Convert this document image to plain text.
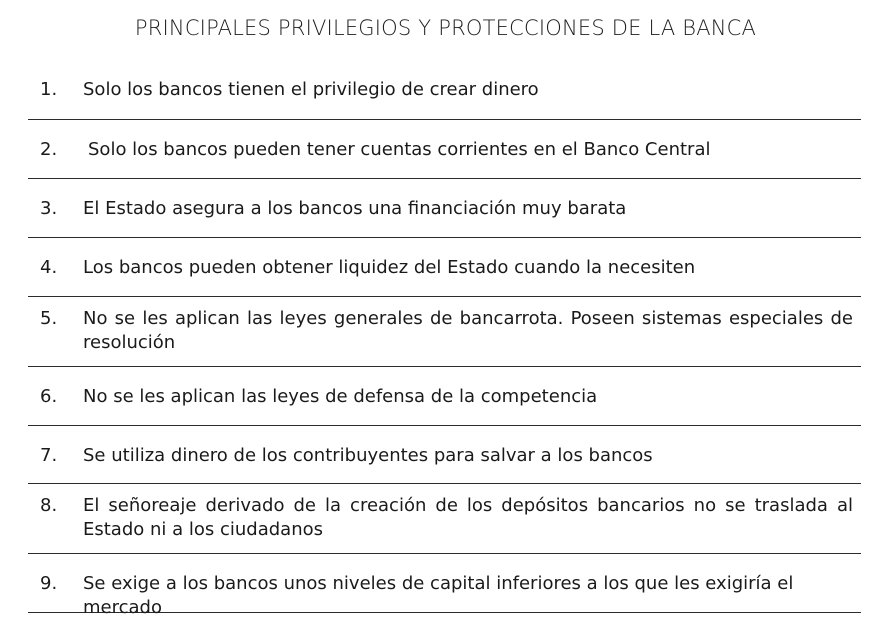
PRINCIPALES PRIVILEGIOS Y PROTECCIONES DE LA BANCA
1. Solo los bancos tienen el privilegio de crear dinero
2. Solo los bancos pueden tener cuentas corrientes en el Banco Central
3. El Estado asegura a los bancos una financiación muy barata
4. Los bancos pueden obtener liquidez del Estado cuando la necesiten
5. No se les aplican las leyes generales de bancarrota. Poseen sistemas especiales de resolución
6. No se les aplican las leyes de defensa de la competencia
7. Se utiliza dinero de los contribuyentes para salvar a los bancos
8. El señoreaje derivado de la creación de los depósitos bancarios no se traslada al Estado ni a los ciudadanos
9. Se exige a los bancos unos niveles de capital inferiores a los que les exigiría el mercado
